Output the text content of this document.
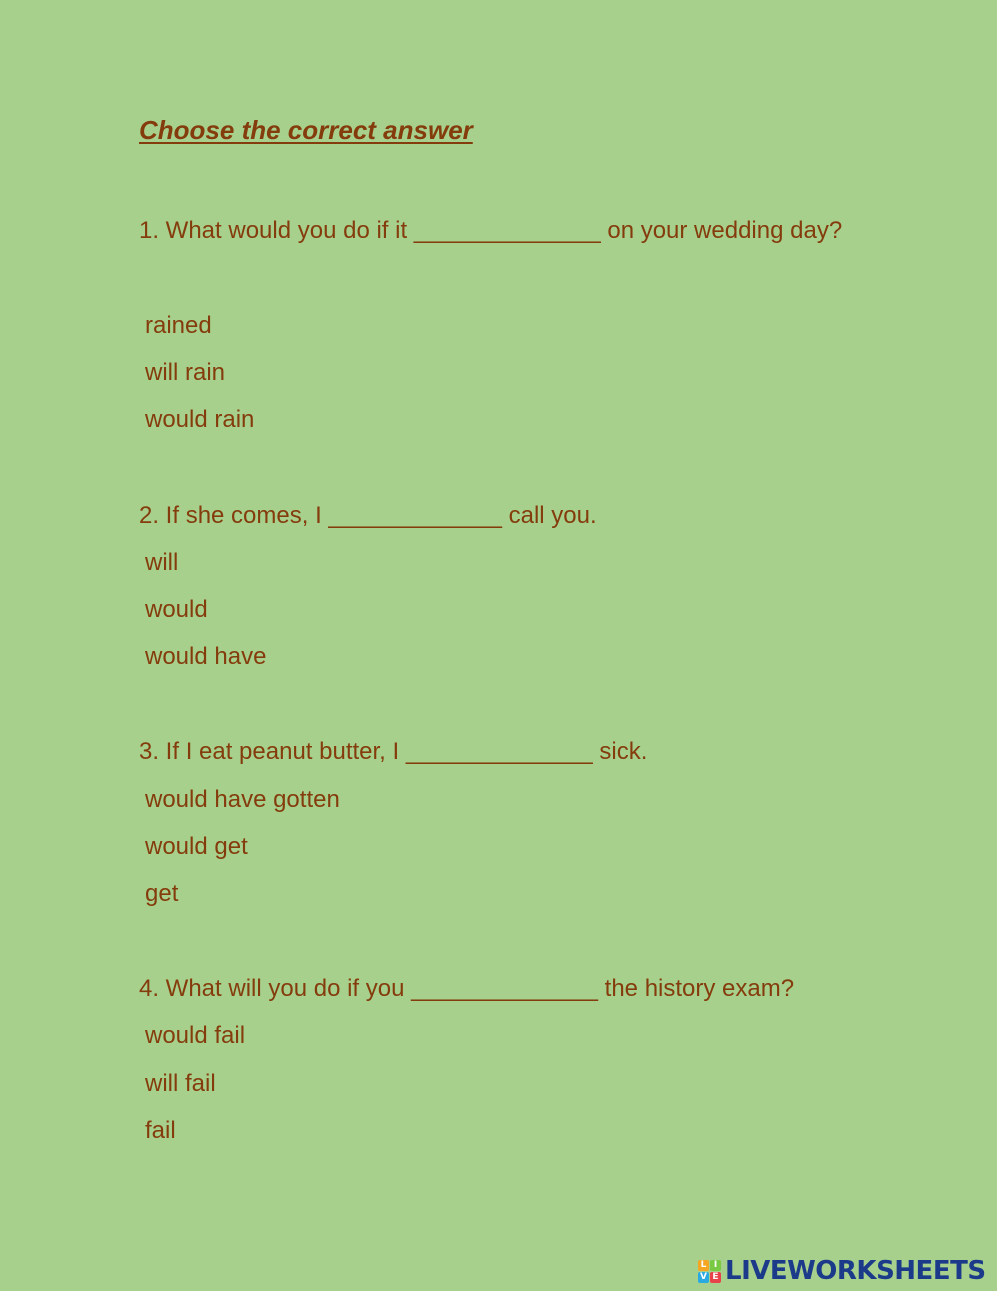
Choose the correct answer
1. What would you do if it ______________ on your wedding day?
rained
will rain
would rain
2. If she comes, I _____________ call you.
will
would
would have
3. If I eat peanut butter, I ______________ sick.
would have gotten
would get
get
4. What will you do if you ______________ the history exam?
would fail
will fail
fail
L I
V E LIVEWORKSHEETS
